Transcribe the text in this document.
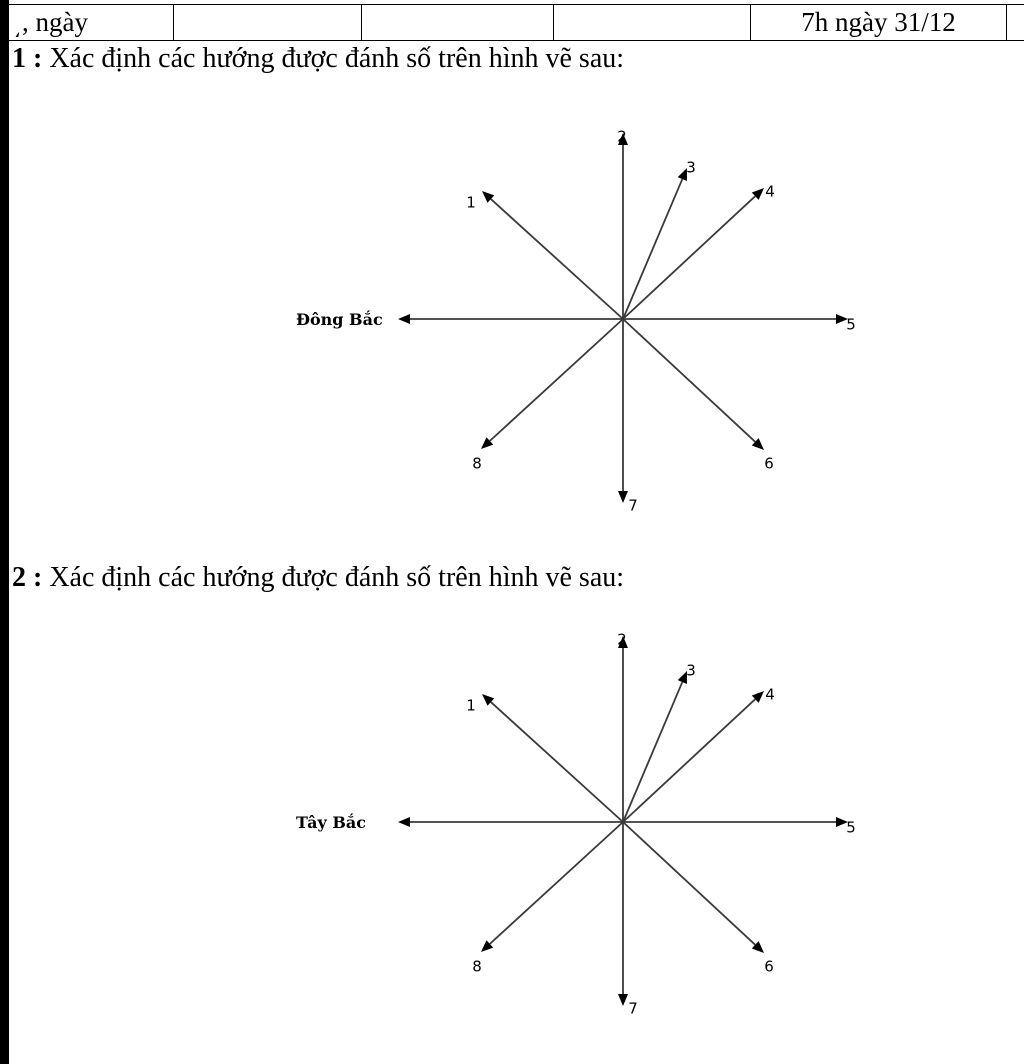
͵, ngày				7h ngày 31/12	
1 : Xác định các hướng được đánh số trên hình vẽ sau:
Đông Bắc
1
2
3
4
5
6
7
8
2 : Xác định các hướng được đánh số trên hình vẽ sau:
Tây Bắc
1
2
3
4
5
6
7
8
